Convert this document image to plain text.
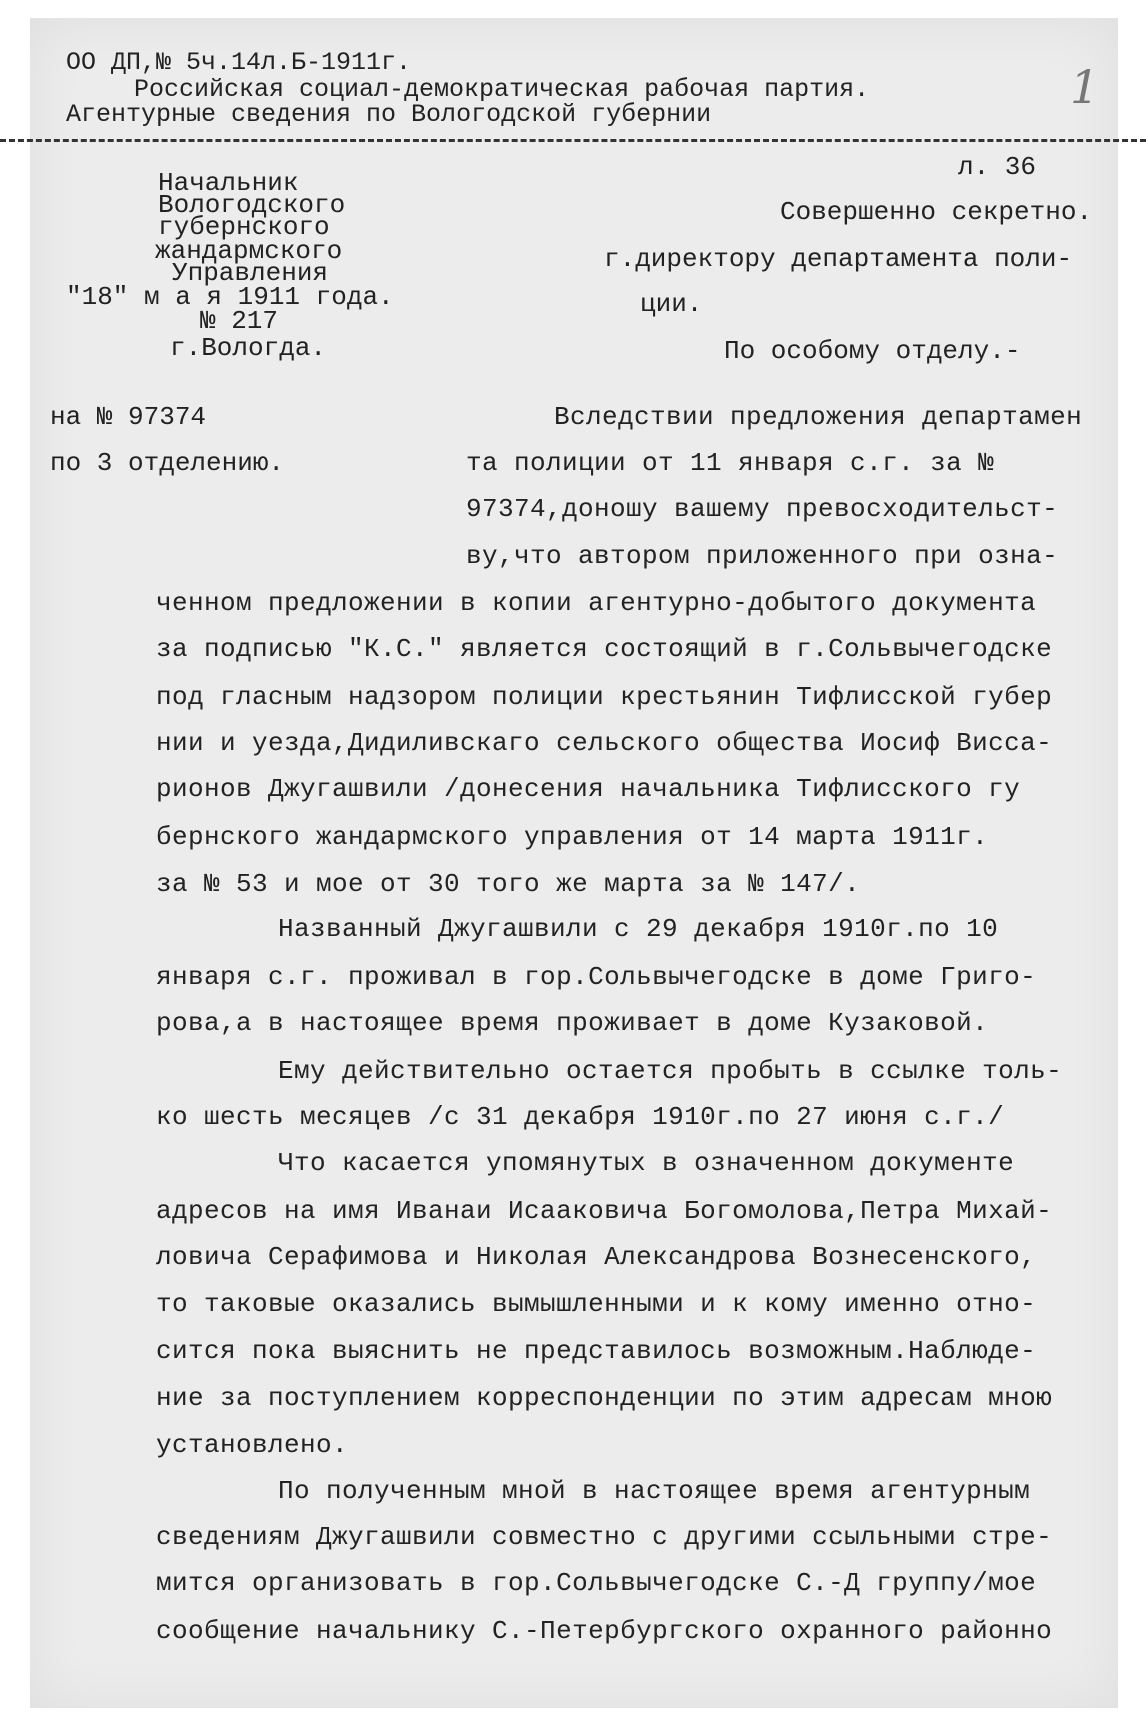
ОО ДП,№ 5ч.14л.Б-1911г.
Российская социал-демократическая рабочая партия.
Агентурные сведения по Вологодской губернии
1
л. 36
Начальник
Вологодского
губернского
жандармского
Управления
"18" м а я 1911 года.
№ 217
г.Вологда.
Совершенно секретно.
г.директору департамента поли-
ции.
По особому отделу.-
на № 97374
по 3 отделению.
Вследствии предложения департамен
та полиции от 11 января с.г. за №
97374,доношу вашему превосходительст-
ву,что автором приложенного при озна-
ченном предложении в копии агентурно-добытого документа
за подписью "К.С." является состоящий в г.Сольвычегодске
под гласным надзором полиции крестьянин Тифлисской губер
нии и уезда,Дидиливскаго сельского общества Иосиф Висса-
рионов Джугашвили /донесения начальника Тифлисского гу
бернского жандармского управления от 14 марта 1911г.
за № 53 и мое от 30 того же марта за № 147/.
Названный Джугашвили с 29 декабря 1910г.по 10
января с.г. проживал в гор.Сольвычегодске в доме Григо-
рова,а в настоящее время проживает в доме Кузаковой.
Ему действительно остается пробыть в ссылке толь-
ко шесть месяцев /с 31 декабря 1910г.по 27 июня с.г./
Что касается упомянутых в означенном документе
адресов на имя Иванаи Исааковича Богомолова,Петра Михай-
ловича Серафимова и Николая Александрова Вознесенского,
то таковые оказались вымышленными и к кому именно отно-
сится пока выяснить не представилось возможным.Наблюде-
ние за поступлением корреспонденции по этим адресам мною
установлено.
По полученным мной в настоящее время агентурным
сведениям Джугашвили совместно с другими ссыльными стре-
мится организовать в гор.Сольвычегодске С.-Д группу/мое
сообщение начальнику С.-Петербургского охранного районно
